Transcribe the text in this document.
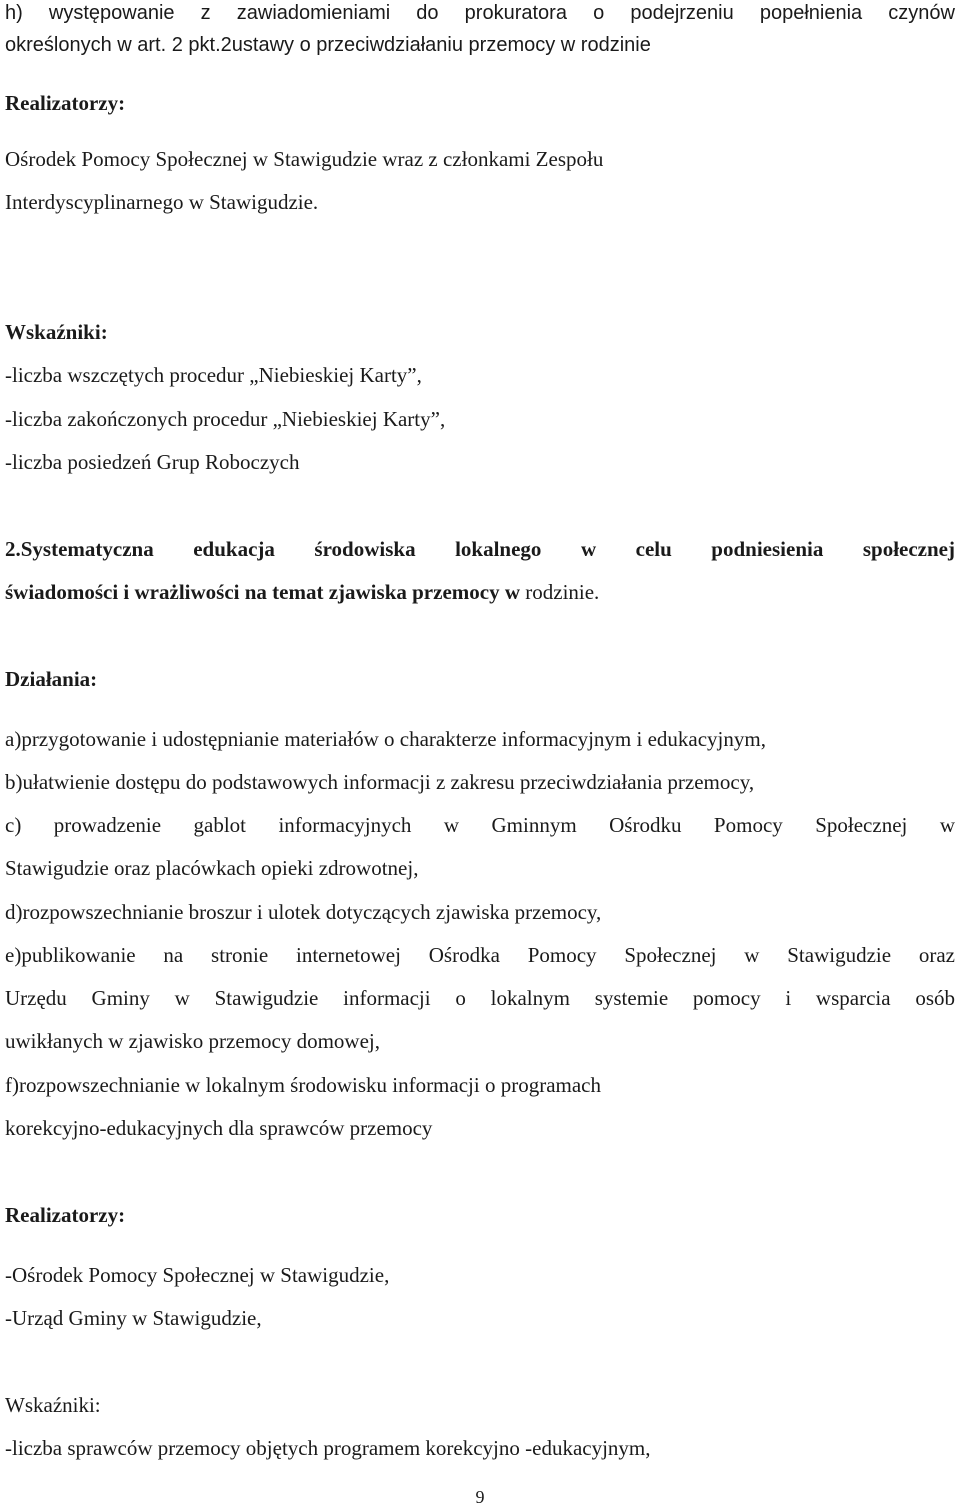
h) występowanie z zawiadomieniami do prokuratora o podejrzeniu popełnienia czynów
określonych w art. 2 pkt.2ustawy o przeciwdziałaniu przemocy w rodzinie
Realizatorzy:
Ośrodek Pomocy Społecznej w Stawigudzie wraz z członkami Zespołu
Interdyscyplinarnego w Stawigudzie.
Wskaźniki:
-liczba wszczętych procedur „Niebieskiej Karty”,
-liczba zakończonych procedur „Niebieskiej Karty”,
-liczba posiedzeń Grup Roboczych
2.Systematyczna edukacja środowiska lokalnego w celu podniesienia społecznej
świadomości i wrażliwości na temat zjawiska przemocy w rodzinie.
Działania:
a)przygotowanie i udostępnianie materiałów o charakterze informacyjnym i edukacyjnym,
b)ułatwienie dostępu do podstawowych informacji z zakresu przeciwdziałania przemocy,
c) prowadzenie gablot informacyjnych w Gminnym Ośrodku Pomocy Społecznej w
Stawigudzie oraz placówkach opieki zdrowotnej,
d)rozpowszechnianie broszur i ulotek dotyczących zjawiska przemocy,
e)publikowanie na stronie internetowej Ośrodka Pomocy Społecznej w Stawigudzie oraz
Urzędu Gminy w Stawigudzie informacji o lokalnym systemie pomocy i wsparcia osób
uwikłanych w zjawisko przemocy domowej,
f)rozpowszechnianie w lokalnym środowisku informacji o programach
korekcyjno-edukacyjnych dla sprawców przemocy
Realizatorzy:
-Ośrodek Pomocy Społecznej w Stawigudzie,
-Urząd Gminy w Stawigudzie,
Wskaźniki:
-liczba sprawców przemocy objętych programem korekcyjno -edukacyjnym,
9
